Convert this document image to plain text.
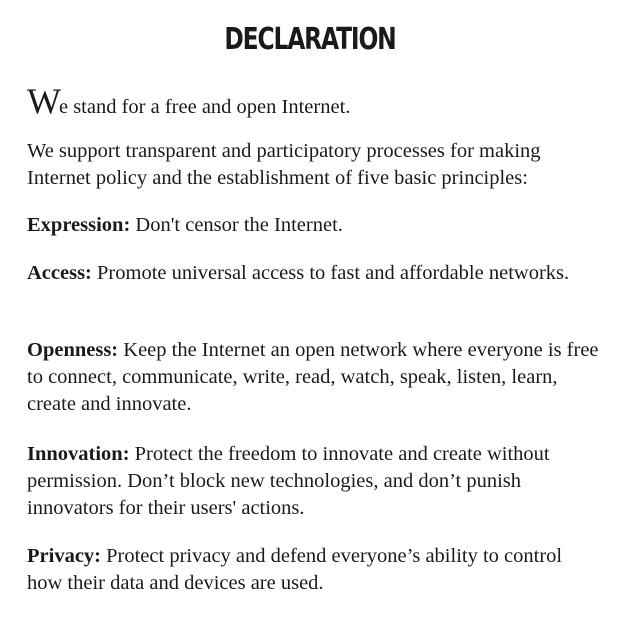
DECLARATION

We stand for a free and open Internet.

We support transparent and participatory processes for making Internet policy and the establishment of five basic principles:

Expression: Don't censor the Internet.

Access: Promote universal access to fast and affordable networks.

Openness: Keep the Internet an open network where everyone is free to connect, communicate, write, read, watch, speak, listen, learn, create and innovate.

Innovation: Protect the freedom to innovate and create without permission. Don’t block new technologies, and don’t punish innovators for their users' actions.

Privacy: Protect privacy and defend everyone’s ability to control how their data and devices are used.
